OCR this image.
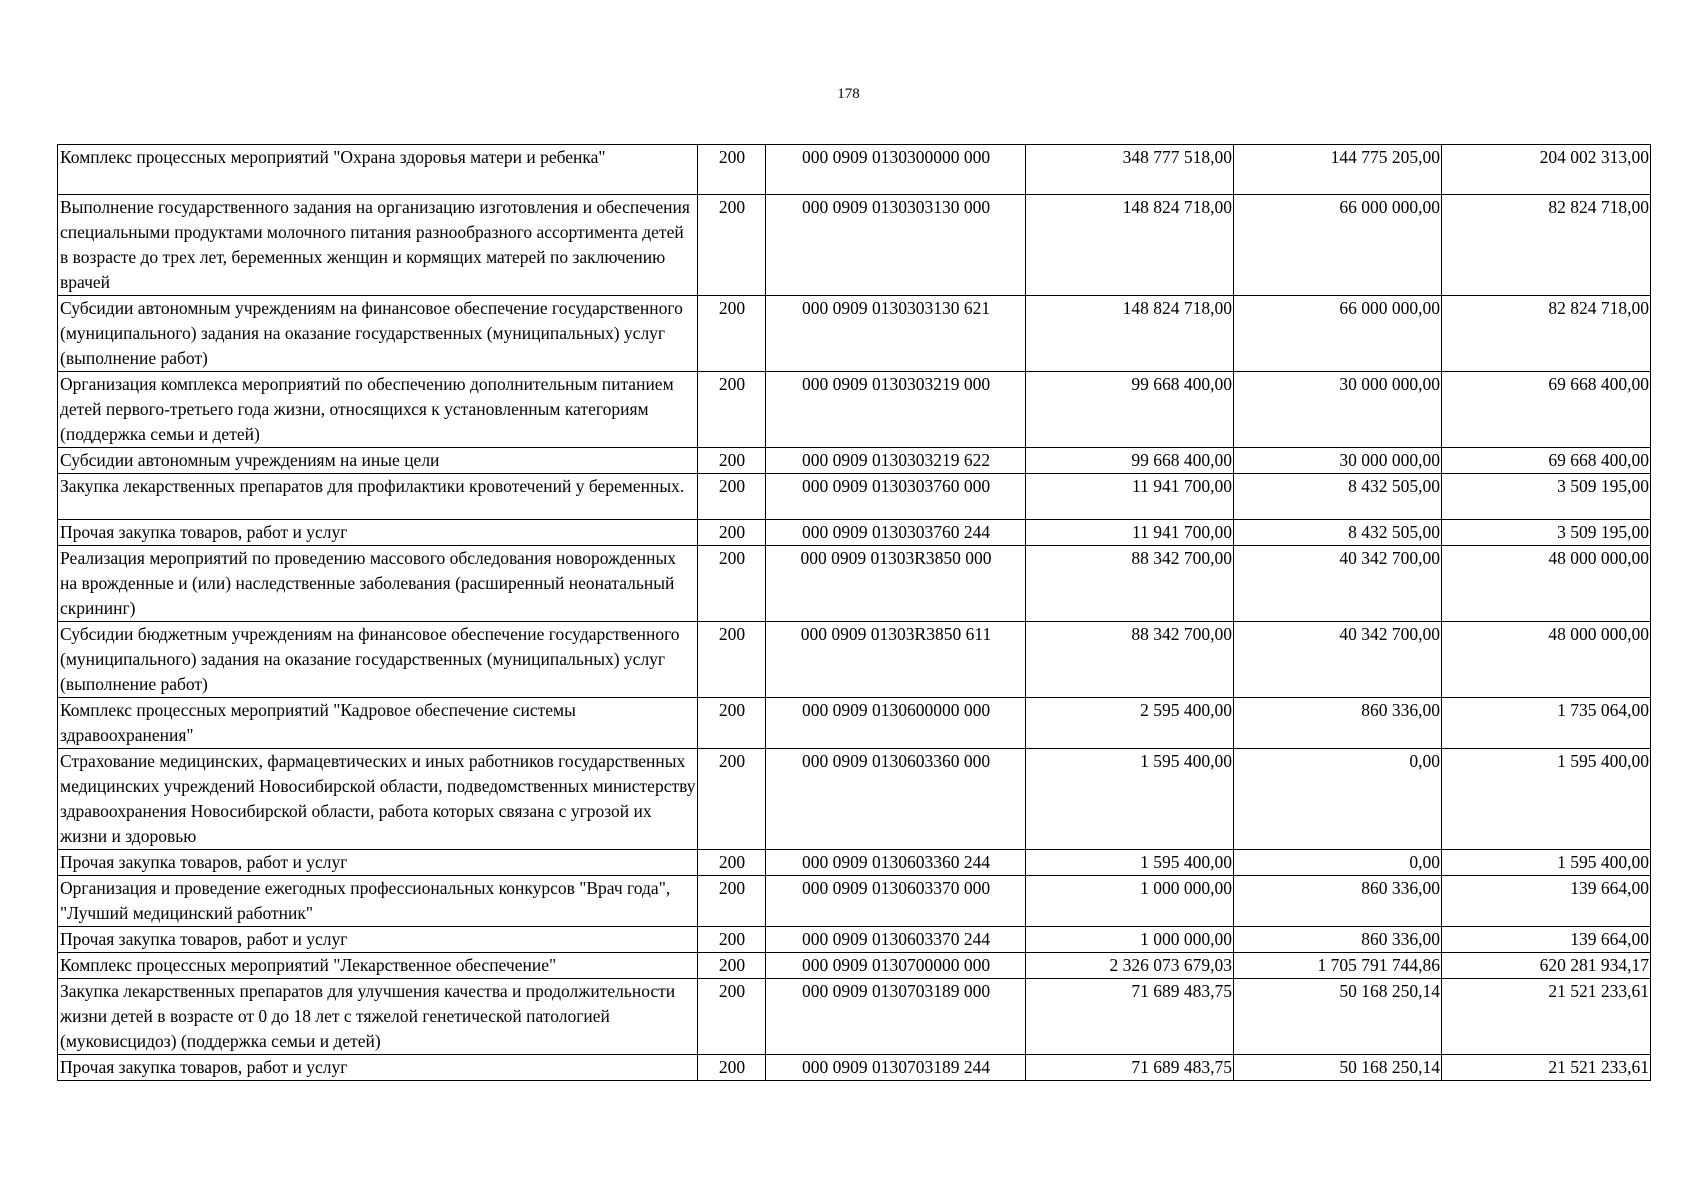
178
Комплекс процессных мероприятий "Охрана здоровья матери и ребенка"	200	000 0909 0130300000 000	348 777 518,00	144 775 205,00	204 002 313,00
Выполнение государственного задания на организацию изготовления и обеспечения специальными продуктами молочного питания разнообразного ассортимента детей в возрасте до трех лет, беременных женщин и кормящих матерей по заключению врачей	200	000 0909 0130303130 000	148 824 718,00	66 000 000,00	82 824 718,00
Субсидии автономным учреждениям на финансовое обеспечение государственного (муниципального) задания на оказание государственных (муниципальных) услуг (выполнение работ)	200	000 0909 0130303130 621	148 824 718,00	66 000 000,00	82 824 718,00
Организация комплекса мероприятий по обеспечению дополнительным питанием детей первого-третьего года жизни, относящихся к установленным категориям (поддержка семьи и детей)	200	000 0909 0130303219 000	99 668 400,00	30 000 000,00	69 668 400,00
Субсидии автономным учреждениям на иные цели	200	000 0909 0130303219 622	99 668 400,00	30 000 000,00	69 668 400,00
Закупка лекарственных препаратов для профилактики кровотечений у беременных.	200	000 0909 0130303760 000	11 941 700,00	8 432 505,00	3 509 195,00
Прочая закупка товаров, работ и услуг	200	000 0909 0130303760 244	11 941 700,00	8 432 505,00	3 509 195,00
Реализация мероприятий по проведению массового обследования новорожденных на врожденные и (или) наследственные заболевания (расширенный неонатальный скрининг)	200	000 0909 01303R3850 000	88 342 700,00	40 342 700,00	48 000 000,00
Субсидии бюджетным учреждениям на финансовое обеспечение государственного (муниципального) задания на оказание государственных (муниципальных) услуг (выполнение работ)	200	000 0909 01303R3850 611	88 342 700,00	40 342 700,00	48 000 000,00
Комплекс процессных мероприятий "Кадровое обеспечение системы здравоохранения"	200	000 0909 0130600000 000	2 595 400,00	860 336,00	1 735 064,00
Страхование медицинских, фармацевтических и иных работников государственных медицинских учреждений Новосибирской области, подведомственных министерству здравоохранения Новосибирской области, работа которых связана с угрозой их жизни и здоровью	200	000 0909 0130603360 000	1 595 400,00	0,00	1 595 400,00
Прочая закупка товаров, работ и услуг	200	000 0909 0130603360 244	1 595 400,00	0,00	1 595 400,00
Организация и проведение ежегодных профессиональных конкурсов "Врач года", "Лучший медицинский работник"	200	000 0909 0130603370 000	1 000 000,00	860 336,00	139 664,00
Прочая закупка товаров, работ и услуг	200	000 0909 0130603370 244	1 000 000,00	860 336,00	139 664,00
Комплекс процессных мероприятий "Лекарственное обеспечение"	200	000 0909 0130700000 000	2 326 073 679,03	1 705 791 744,86	620 281 934,17
Закупка лекарственных препаратов для улучшения качества и продолжительности жизни детей в возрасте от 0 до 18 лет с тяжелой генетической патологией (муковисцидоз) (поддержка семьи и детей)	200	000 0909 0130703189 000	71 689 483,75	50 168 250,14	21 521 233,61
Прочая закупка товаров, работ и услуг	200	000 0909 0130703189 244	71 689 483,75	50 168 250,14	21 521 233,61
